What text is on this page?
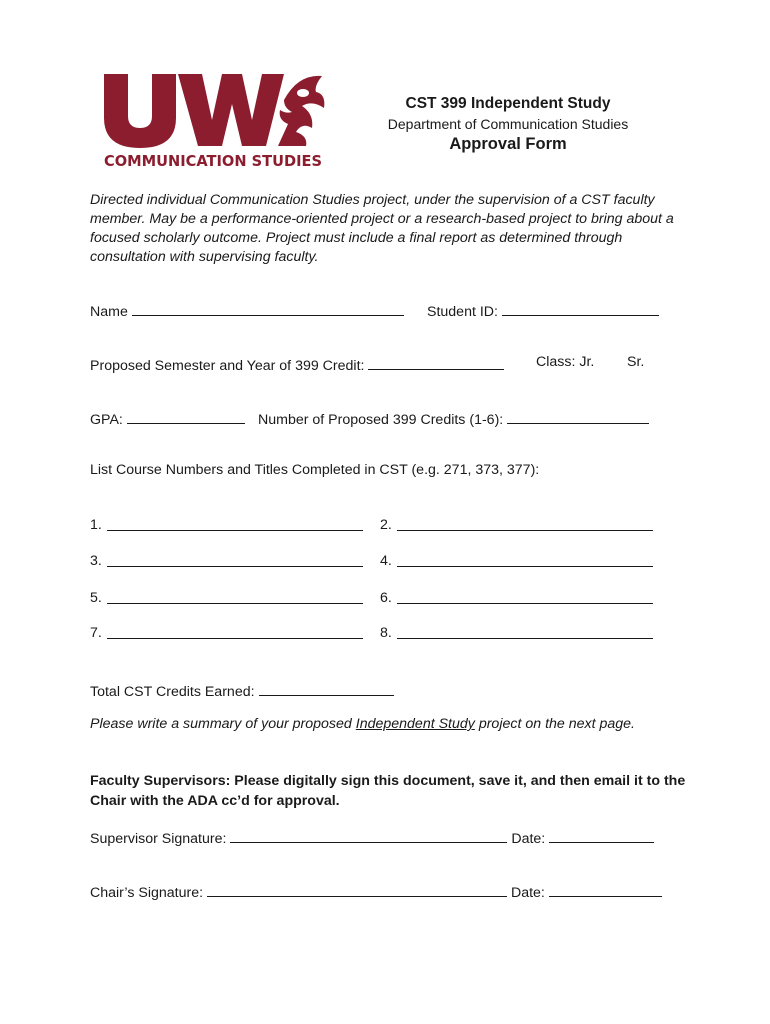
COMMUNICATION STUDIES
CST 399 Independent Study
Department of Communication Studies
Approval Form
Directed individual Communication Studies project, under the supervision of a CST faculty member. May be a performance-oriented project or a research-based project to bring about a focused scholarly outcome. Project must include a final report as determined through consultation with supervising faculty.
Name	Student ID:
Proposed Semester and Year of 399 Credit:	Class: Jr. Sr.
GPA:	Number of Proposed 399 Credits (1-6):
List Course Numbers and Titles Completed in CST (e.g. 271, 373, 377):
1.	2.
3.	4.
5.	6.
7.	8.
Total CST Credits Earned:
Please write a summary of your proposed Independent Study project on the next page.
Faculty Supervisors: Please digitally sign this document, save it, and then email it to the Chair with the ADA cc’d for approval.
Supervisor Signature:	Date:
Chair’s Signature:	Date:
